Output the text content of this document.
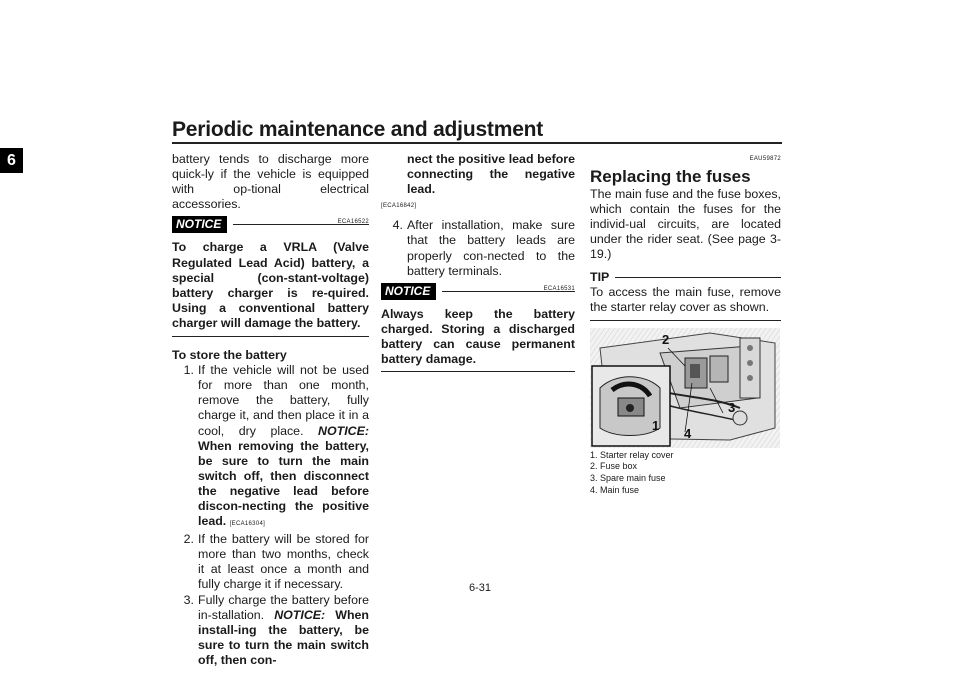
Periodic maintenance and adjustment
6	battery tends to discharge more quick-ly if the vehicle is equipped with op-tional electrical accessories.

NOTICE	ECA16522

To charge a VRLA (Valve Regulated Lead Acid) battery, a special (con-stant-voltage) battery charger is re-quired. Using a conventional battery charger will damage the battery.

To store the battery

1. If the vehicle will not be used for more than one month, remove the battery, fully charge it, and then place it in a cool, dry place. NOTICE: When removing the battery, be sure to turn the main switch off, then disconnect the negative lead before discon-necting the positive lead. [ECA16304]
2. If the battery will be stored for more than two months, check it at least once a month and fully charge it if necessary.
3. Fully charge the battery before in-stallation. NOTICE: When install-ing the battery, be sure to turn the main switch off, then con-
nect the positive lead before connecting the negative lead.
[ECA16842]
4. After installation, make sure that the battery leads are properly con-nected to the battery terminals.
NOTICE	ECA16531

Always keep the battery charged. Storing a discharged battery can cause permanent battery damage.

EAU59872

Replacing the fuses

The main fuse and the fuse boxes, which contain the fuses for the individ-ual circuits, are located under the rider seat. (See page 3-19.)

TIP

To access the main fuse, remove the starter relay cover as shown.

2
3
1
4
1. Starter relay cover
2. Fuse box
3. Spare main fuse
4. Main fuse
6-31
